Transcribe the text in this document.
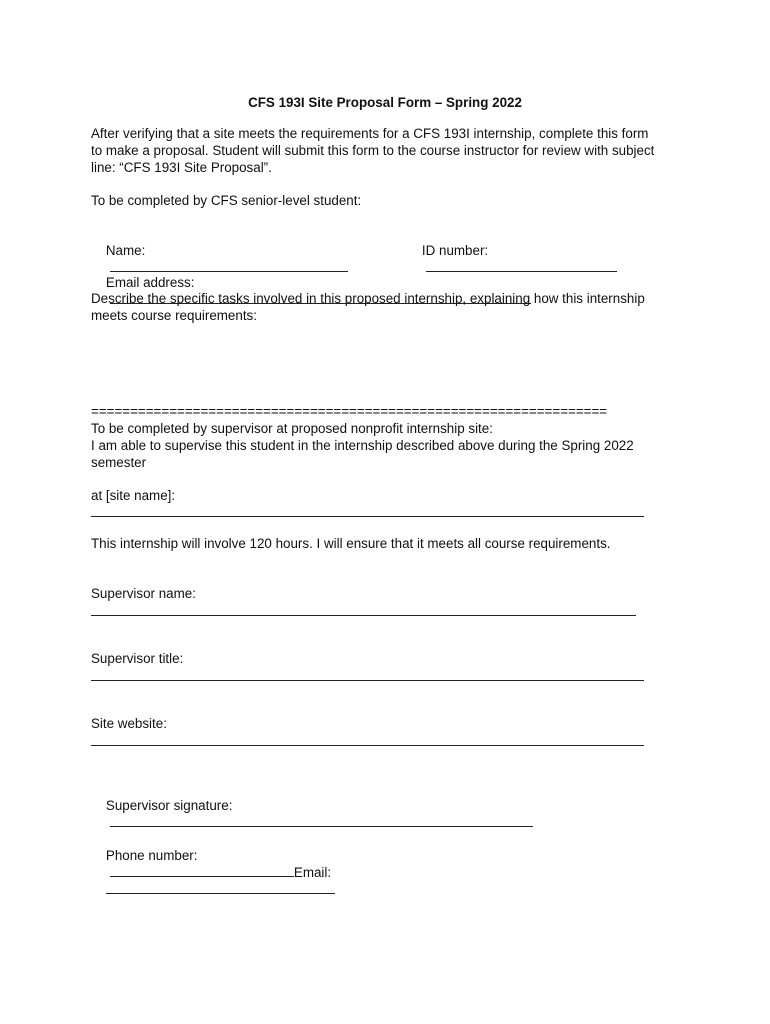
CFS 193I Site Proposal Form – Spring 2022
After verifying that a site meets the requirements for a CFS 193I internship, complete this form
to make a proposal. Student will submit this form to the course instructor for review with subject
line: “CFS 193I Site Proposal”.
To be completed by CFS senior-level student:

Name:

	ID number:

Email address:

Describe the specific tasks involved in this proposed internship, explaining how this internship
meets course requirements:
==================================================================
To be completed by supervisor at proposed nonprofit internship site:
I am able to supervise this student in the internship described above during the Spring 2022
semester
at [site name]:
This internship will involve 120 hours. I will ensure that it meets all course requirements.
Supervisor name:
Supervisor title:
Site website:

Supervisor signature:

Phone number:
Email:
